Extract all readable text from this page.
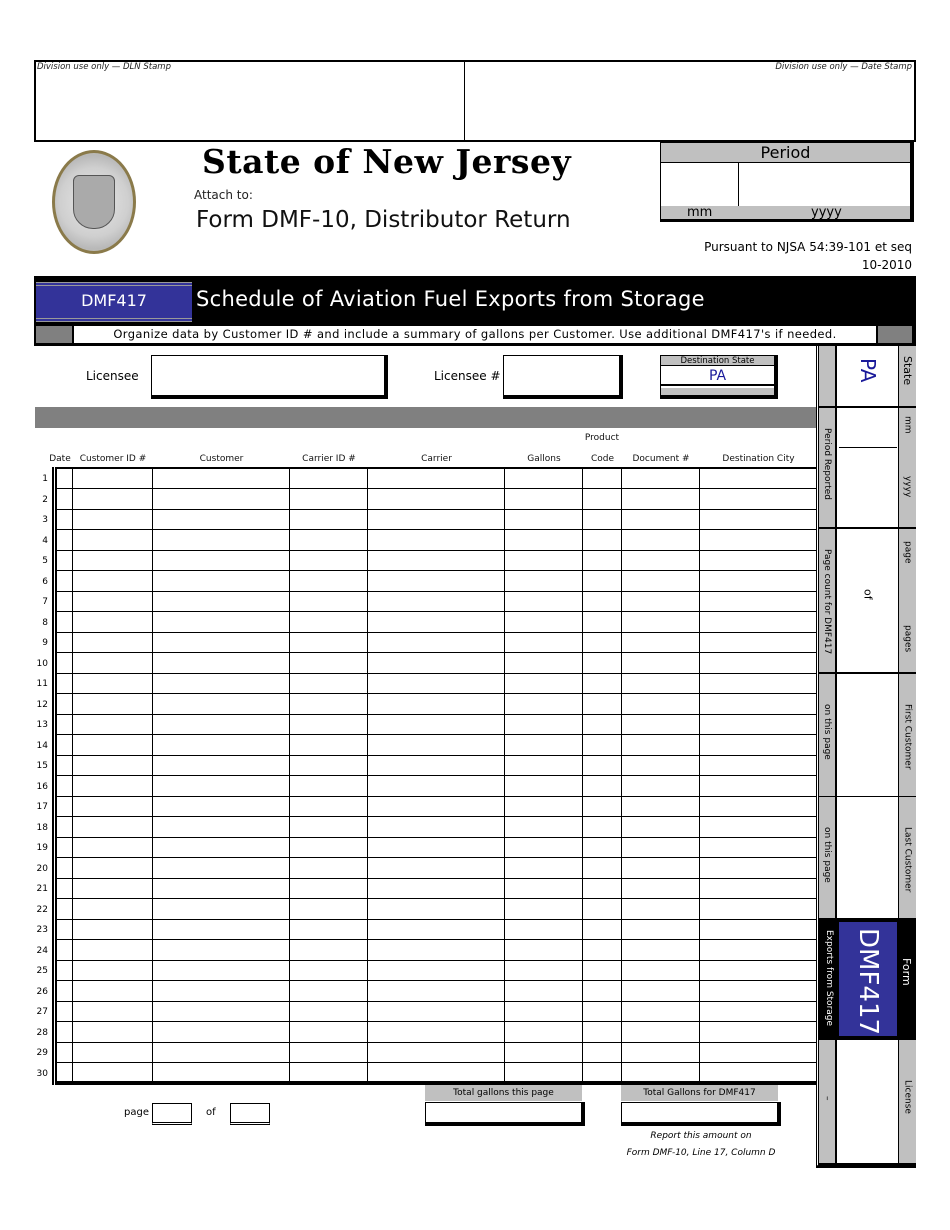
Division use only — DLN Stamp	Division use only — Date Stamp
State of New Jersey
Attach to:
Form DMF-10, Distributor Return
Period
mm	yyyy
Pursuant to NJSA 54:39-101 et seq
10-2010
DMF417	Schedule of Aviation Fuel Exports from Storage
Organize data by Customer ID # and include a summary of gallons per Customer. Use additional DMF417's if needed.
Licensee	Licensee #
Destination State
PA
Product
Date Customer ID #	Customer	Carrier ID #	Carrier	Gallons	Code	Document #	Destination City
1
2
3
4
5
6
7
8
9
10
11
12
13
14
15
16
17
18
19
20
21
22
23
24
25
26
27
28
29
30

PA State
Period Reported
mm
yyyy
Page count for DMF417	of
page
pages
on this page	First Customer
on this page	Last Customer
Exports from Storage DMF417 Form
–	License
page	of
Total gallons this page	Total Gallons for DMF417
Report this amount on
Form DMF-10, Line 17, Column D
